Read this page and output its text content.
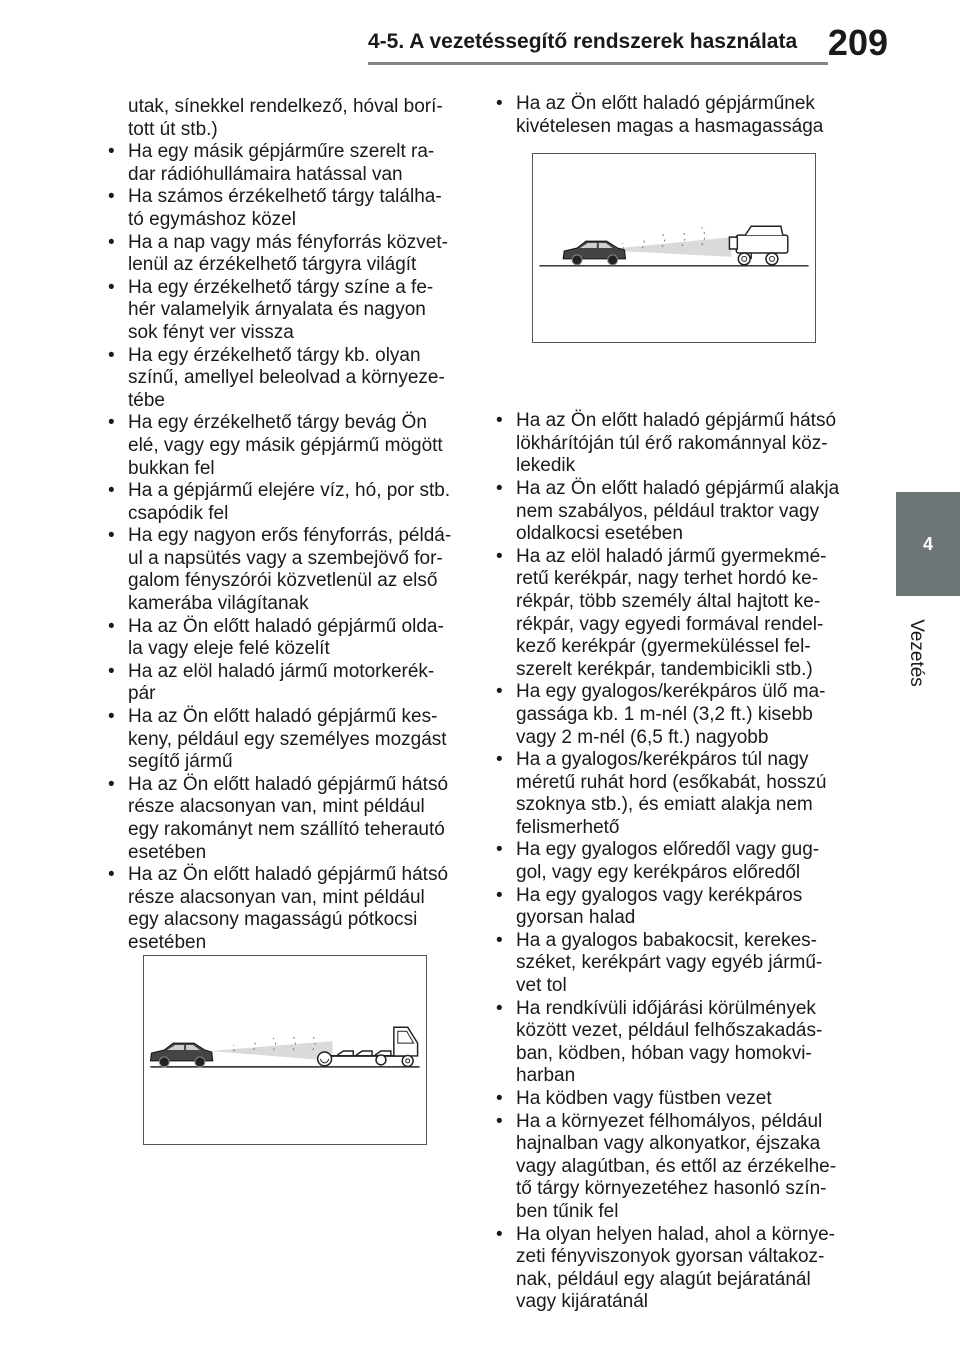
4-5. A vezetéssegítő rendszerek használata 209
4
Vezetés

utak, sínekkel rendelkező, hóval borí-
tott út stb.)

• Ha egy másik gépjárműre szerelt ra-
dar rádióhullámaira hatással van
• Ha számos érzékelhető tárgy találha-
tó egymáshoz közel
• Ha a nap vagy más fényforrás közvet-
lenül az érzékelhető tárgyra világít
• Ha egy érzékelhető tárgy színe a fe-
hér valamelyik árnyalata és nagyon
sok fényt ver vissza
• Ha egy érzékelhető tárgy kb. olyan
színű, amellyel beleolvad a környeze-
tébe
• Ha egy érzékelhető tárgy bevág Ön
elé, vagy egy másik gépjármű mögött
bukkan fel
• Ha a gépjármű elejére víz, hó, por stb.
csapódik fel
• Ha egy nagyon erős fényforrás, példá-
ul a napsütés vagy a szembejövő for-
galom fényszórói közvetlenül az első
kamerába világítanak
• Ha az Ön előtt haladó gépjármű olda-
la vagy eleje felé közelít
• Ha az elöl haladó jármű motorkerék-
pár
• Ha az Ön előtt haladó gépjármű kes-
keny, például egy személyes mozgást
segítő jármű
• Ha az Ön előtt haladó gépjármű hátsó
része alacsonyan van, mint például
egy rakományt nem szállító teherautó
esetében
• Ha az Ön előtt haladó gépjármű hátsó
része alacsonyan van, mint például
egy alacsony magasságú pótkocsi
esetében
• Ha az Ön előtt haladó gépjárműnek
kivételesen magas a hasmagassága
• Ha az Ön előtt haladó gépjármű hátsó
lökhárítóján túl érő rakománnyal köz-
lekedik
• Ha az Ön előtt haladó gépjármű alakja
nem szabályos, például traktor vagy
oldalkocsi esetében
• Ha az elöl haladó jármű gyermekmé-
retű kerékpár, nagy terhet hordó ke-
rékpár, több személy által hajtott ke-
rékpár, vagy egyedi formával rendel-
kező kerékpár (gyermeküléssel fel-
szerelt kerékpár, tandembicikli stb.)
• Ha egy gyalogos/kerékpáros ülő ma-
gassága kb. 1 m-nél (3,2 ft.) kisebb
vagy 2 m-nél (6,5 ft.) nagyobb
• Ha a gyalogos/kerékpáros túl nagy
méretű ruhát hord (esőkabát, hosszú
szoknya stb.), és emiatt alakja nem
felismerhető
• Ha egy gyalogos előredől vagy gug-
gol, vagy egy kerékpáros előredől
• Ha egy gyalogos vagy kerékpáros
gyorsan halad
• Ha a gyalogos babakocsit, kerekes-
széket, kerékpárt vagy egyéb jármű-
vet tol
• Ha rendkívüli időjárási körülmények
között vezet, például felhőszakadás-
ban, ködben, hóban vagy homokvi-
harban
• Ha ködben vagy füstben vezet
• Ha a környezet félhomályos, például
hajnalban vagy alkonyatkor, éjszaka
vagy alagútban, és ettől az érzékelhe-
tő tárgy környezetéhez hasonló szín-
ben tűnik fel
• Ha olyan helyen halad, ahol a környe-
zeti fényviszonyok gyorsan váltakoz-
nak, például egy alagút bejáratánál
vagy kijáratánál
